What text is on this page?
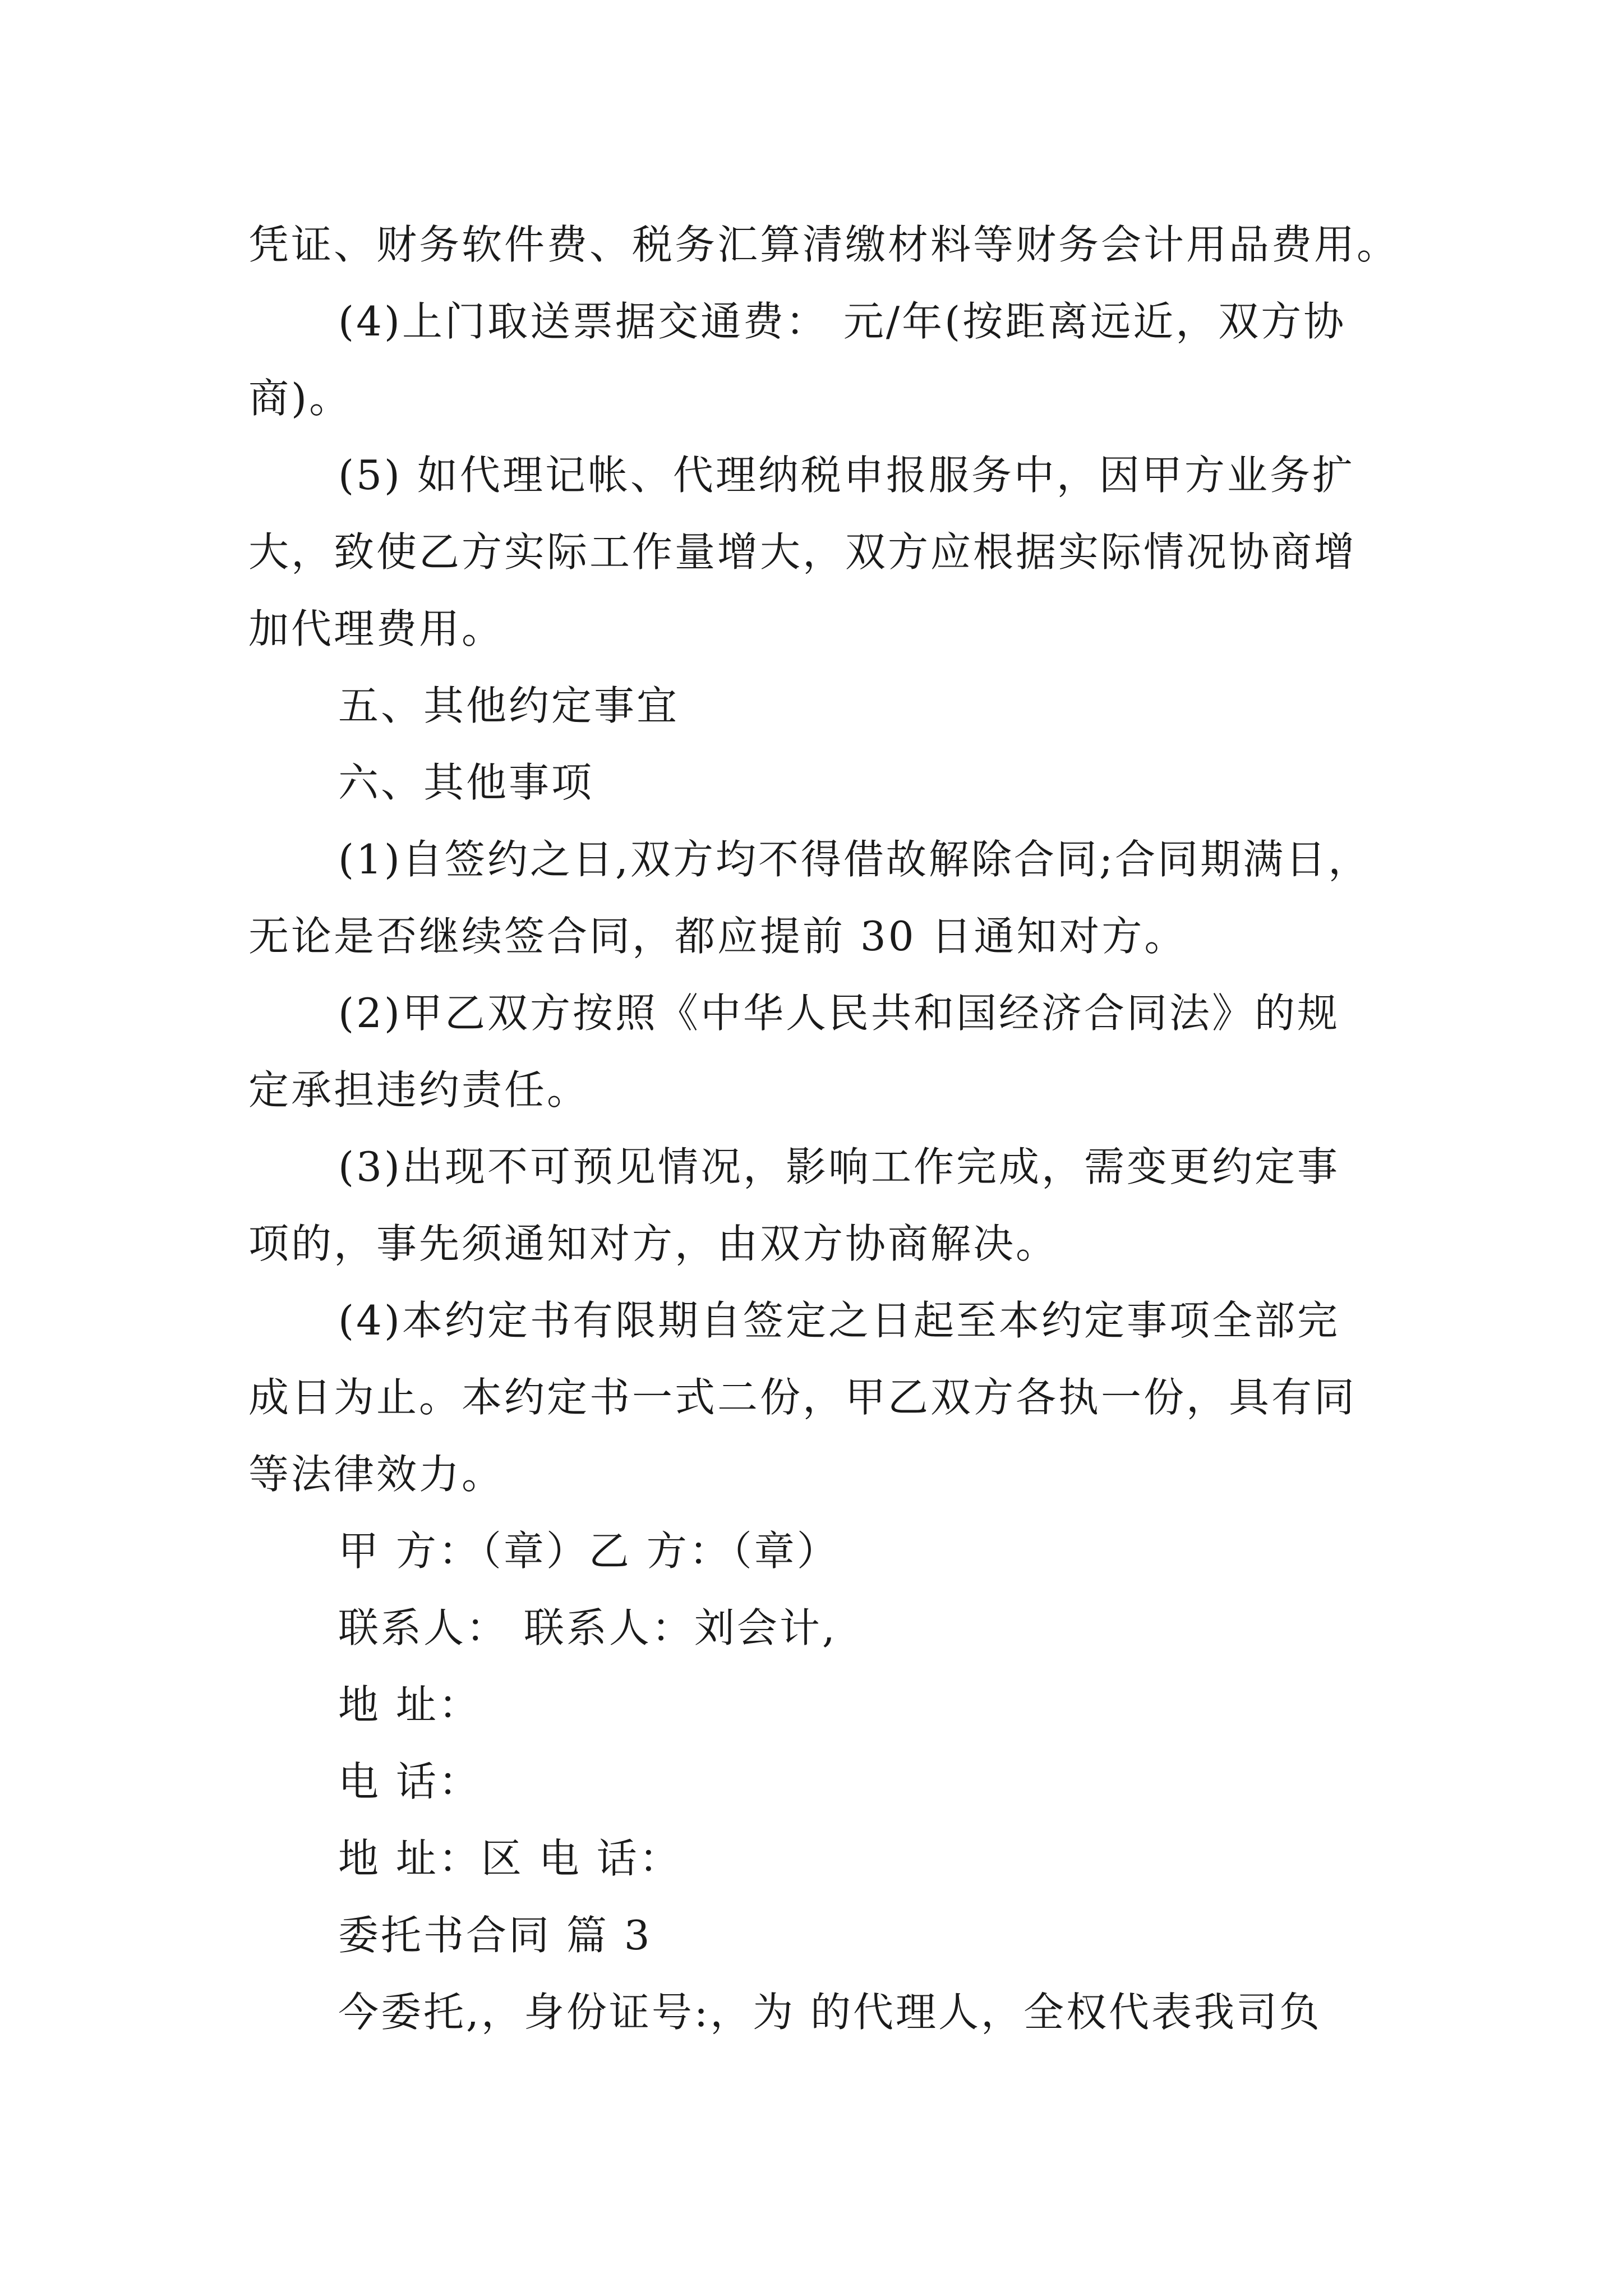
凭证、财务软件费、税务汇算清缴材料等财务会计用品费用。

(4)上门取送票据交通费： 元/年(按距离远近，双方协
商)。

(5) 如代理记帐、代理纳税申报服务中，因甲方业务扩
大，致使乙方实际工作量增大，双方应根据实际情况协商增
加代理费用。

五、其他约定事宜

六、其他事项

(1)自签约之日,双方均不得借故解除合同;合同期满日，
无论是否继续签合同，都应提前 30 日通知对方。

(2)甲乙双方按照《中华人民共和国经济合同法》的规
定承担违约责任。

(3)出现不可预见情况，影响工作完成，需变更约定事
项的，事先须通知对方，由双方协商解决。

(4)本约定书有限期自签定之日起至本约定事项全部完
成日为止。本约定书一式二份，甲乙双方各执一份，具有同
等法律效力。

甲 方：（章）乙 方：（章）

联系人： 联系人：刘会计,

地 址：

电 话：

地 址：区 电 话：

委托书合同 篇 3

今委托,，身份证号:，为 的代理人，全权代表我司负
